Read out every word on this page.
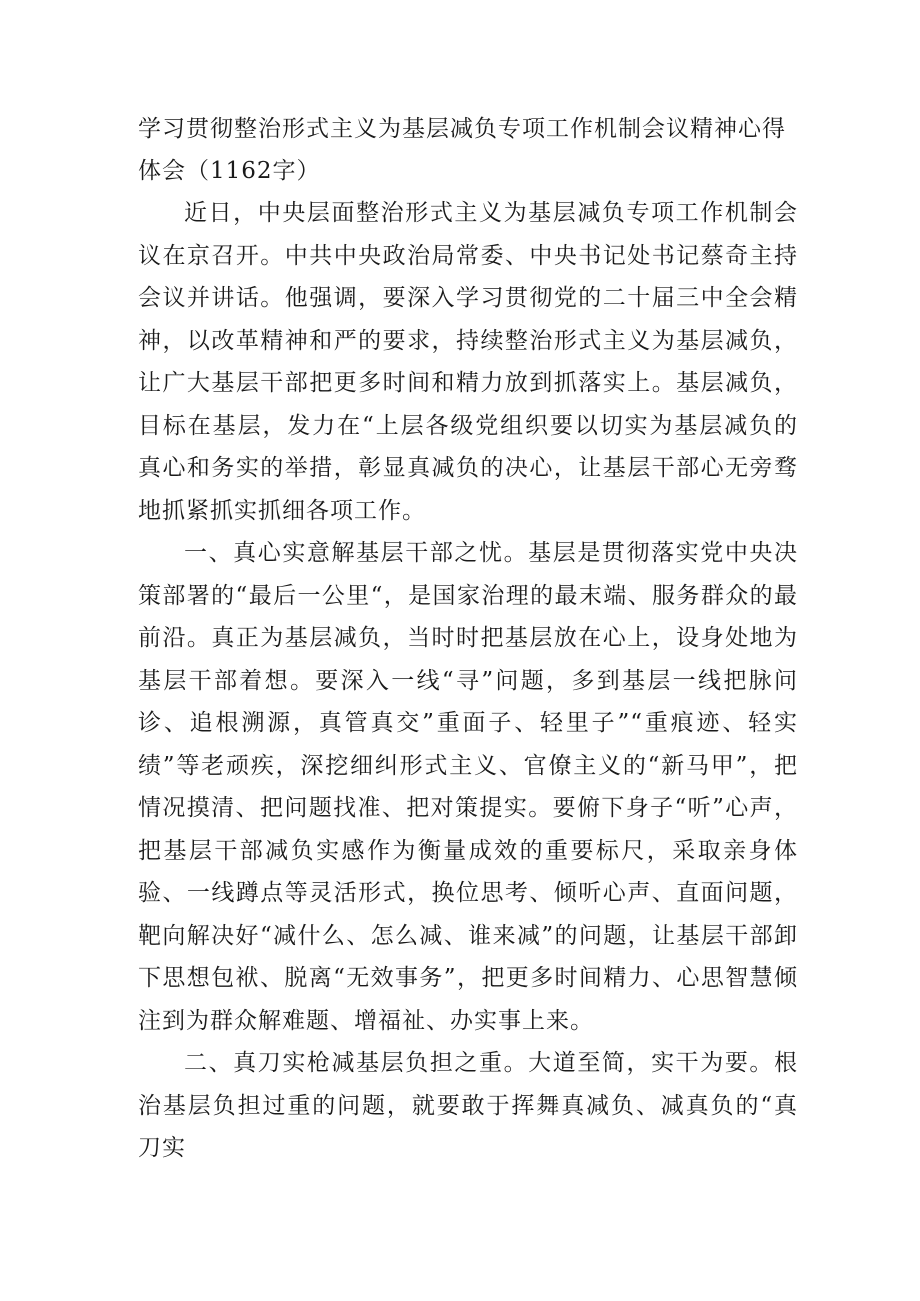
学习贯彻整治形式主义为基层减负专项工作机制会议精神心得体会（1162字）

近日，中央层面整治形式主义为基层减负专项工作机制会议在京召开。中共中央政治局常委、中央书记处书记蔡奇主持会议并讲话。他强调，要深入学习贯彻党的二十届三中全会精神，以改革精神和严的要求，持续整治形式主义为基层减负，让广大基层干部把更多时间和精力放到抓落实上。基层减负，目标在基层，发力在“上层各级党组织要以切实为基层减负的真心和务实的举措，彰显真减负的决心，让基层干部心无旁骛地抓紧抓实抓细各项工作。

一、真心实意解基层干部之忧。基层是贯彻落实党中央决策部署的“最后一公里“，是国家治理的最末端、服务群众的最前沿。真正为基层减负，当时时把基层放在心上，设身处地为基层干部着想。要深入一线“寻”问题，多到基层一线把脉问诊、追根溯源，真管真交”重面子、轻里子”“重痕迹、轻实绩”等老顽疾，深挖细纠形式主义、官僚主义的“新马甲”，把情况摸清、把问题找准、把对策提实。要俯下身子“听”心声，把基层干部减负实感作为衡量成效的重要标尺，采取亲身体验、一线蹲点等灵活形式，换位思考、倾听心声、直面问题，靶向解决好“减什么、怎么减、谁来减”的问题，让基层干部卸下思想包袱、脱离“无效事务”，把更多时间精力、心思智慧倾注到为群众解难题、增福祉、办实事上来。

二、真刀实枪减基层负担之重。大道至简，实干为要。根治基层负担过重的问题，就要敢于挥舞真减负、减真负的“真刀实
